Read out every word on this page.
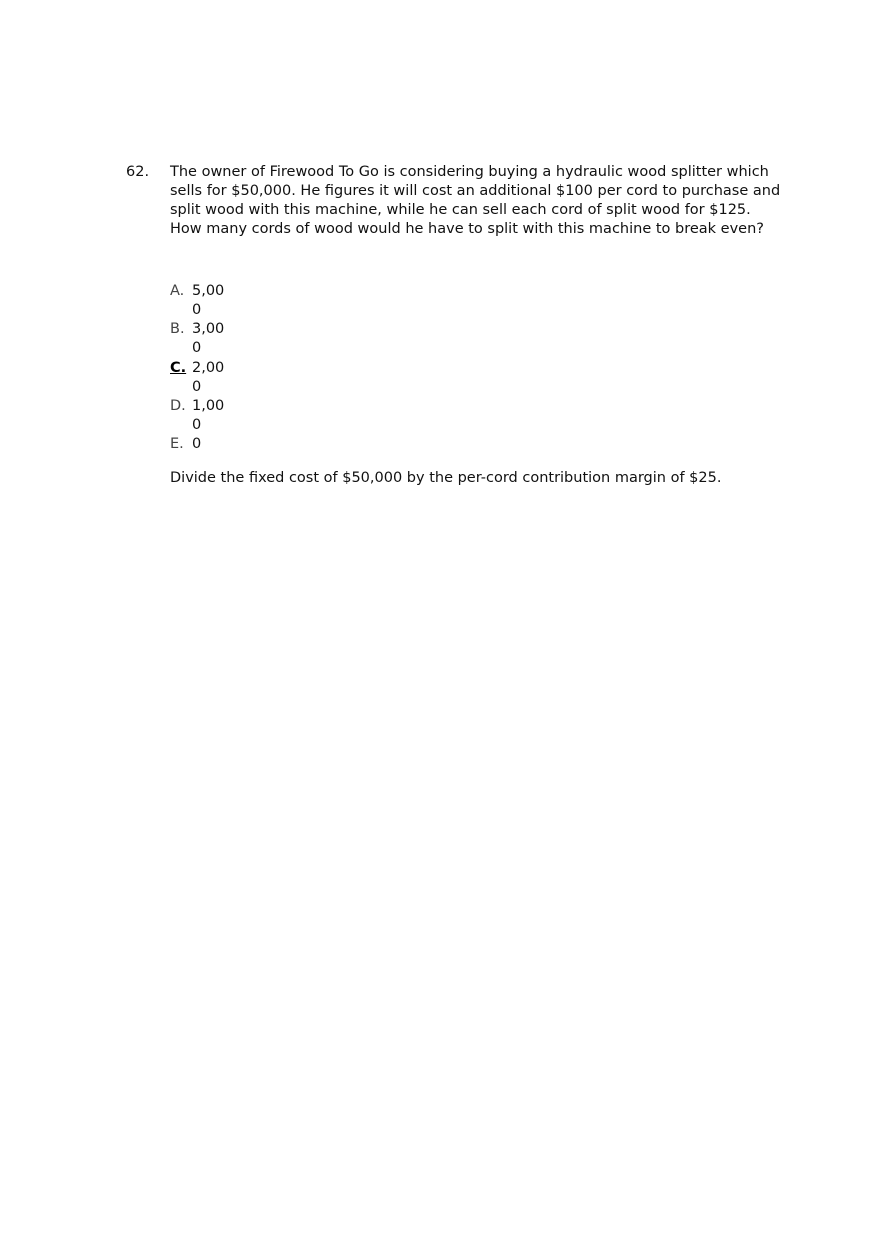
62. The owner of Firewood To Go is considering buying a hydraulic wood splitter which
sells for $50,000. He figures it will cost an additional $100 per cord to purchase and
split wood with this machine, while he can sell each cord of split wood for $125.
How many cords of wood would he have to split with this machine to break even?
A. 5,000
B. 3,000
C. 2,000
D. 1,000
E. 0
Divide the fixed cost of $50,000 by the per-cord contribution margin of $25.
